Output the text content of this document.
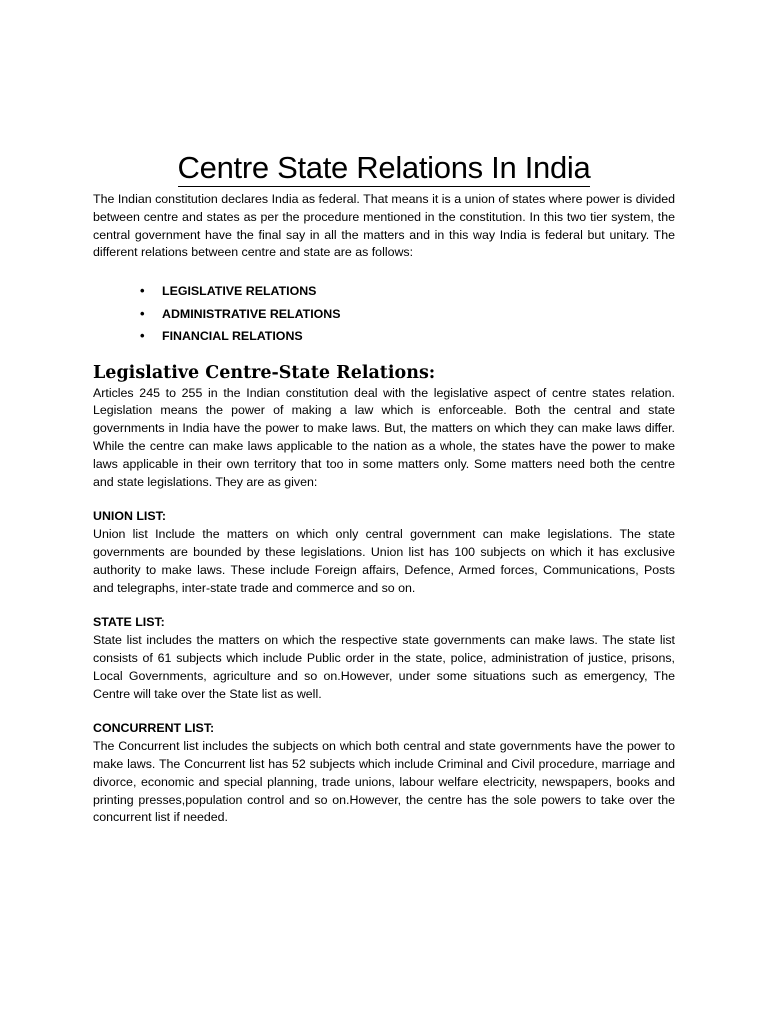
Centre State Relations In India

The Indian constitution declares India as federal. That means it is a union of states where power is divided between centre and states as per the procedure mentioned in the constitution. In this two tier system, the central government have the final say in all the matters and in this way India is federal but unitary. The different relations between centre and state are as follows:

•	LEGISLATIVE RELATIONS
•	ADMINISTRATIVE RELATIONS
•	FINANCIAL RELATIONS
Legislative Centre-State Relations:

Articles 245 to 255 in the Indian constitution deal with the legislative aspect of centre states relation. Legislation means the power of making a law which is enforceable. Both the central and state governments in India have the power to make laws. But, the matters on which they can make laws differ. While the centre can make laws applicable to the nation as a whole, the states have the power to make laws applicable in their own territory that too in some matters only. Some matters need both the centre and state legislations. They are as given:

UNION LIST:

Union list Include the matters on which only central government can make legislations. The state governments are bounded by these legislations. Union list has 100 subjects on which it has exclusive authority to make laws. These include Foreign affairs, Defence, Armed forces, Communications, Posts and telegraphs, inter-state trade and commerce and so on.

STATE LIST:

State list includes the matters on which the respective state governments can make laws. The state list consists of 61 subjects which include Public order in the state, police, administration of justice, prisons, Local Governments, agriculture and so on.However, under some situations such as emergency, The Centre will take over the State list as well.

CONCURRENT LIST:

The Concurrent list includes the subjects on which both central and state governments have the power to make laws. The Concurrent list has 52 subjects which include Criminal and Civil procedure, marriage and divorce, economic and special planning, trade unions, labour welfare electricity, newspapers, books and printing presses,population control and so on.However, the centre has the sole powers to take over the concurrent list if needed.
